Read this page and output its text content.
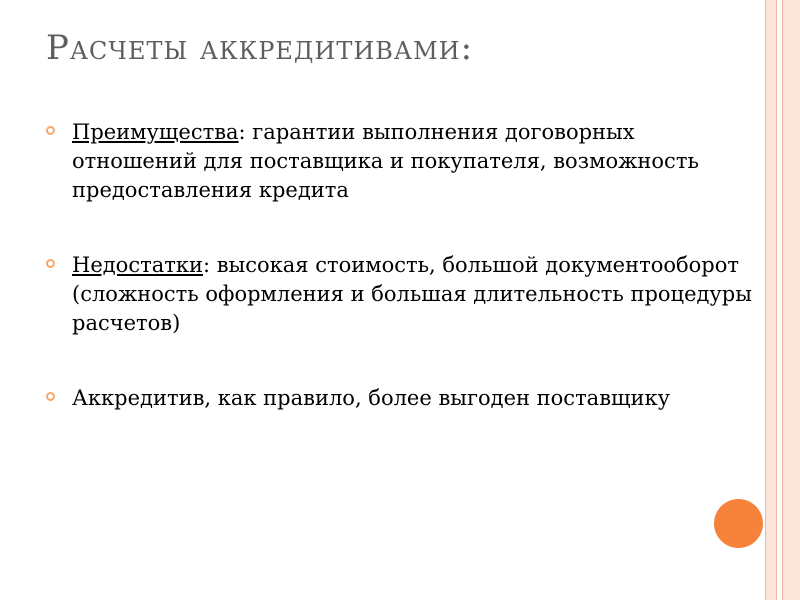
Расчеты аккредитивами:
Преимущества: гарантии выполнения договорных отношений для поставщика и покупателя, возможность предоставления кредита
Недостатки: высокая стоимость, большой документооборот (сложность оформления и большая длительность процедуры расчетов)
Аккредитив, как правило, более выгоден поставщику
